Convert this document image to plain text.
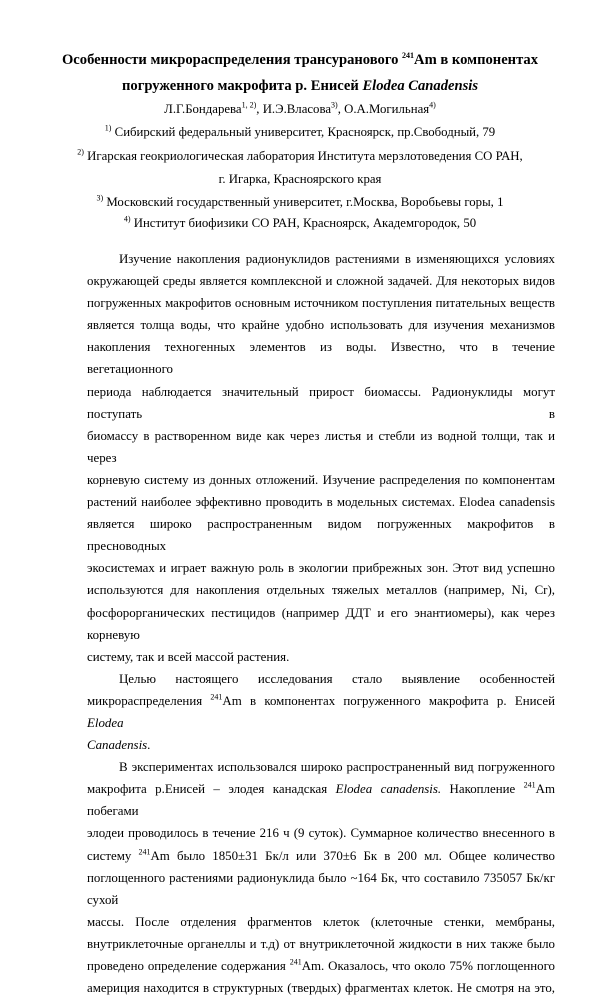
Особенности микрораспределения трансуранового $^{241}$Am в компонентах
погруженного макрофита р. Енисей Elodea Canadensis
Л.Г.Бондарева$^{1, 2)}$, И.Э.Власова$^{3)}$, О.А.Могильная$^{4)}$
$^{1)}$ Сибирский федеральный университет, Красноярск, пр.Свободный, 79
$^{2)}$ Игарская геокриологическая лаборатория Института мерзлотоведения СО РАН,
г. Игарка, Красноярского края
$^{3)}$ Московский государственный университет, г.Москва, Воробьевы горы, 1
$^{4)}$ Институт биофизики СО РАН, Красноярск, Академгородок, 50
Изучение накопления радионуклидов растениями в изменяющихся условиях
окружающей среды является комплексной и сложной задачей. Для некоторых видов
погруженных макрофитов основным источником поступления питательных веществ
является толща воды, что крайне удобно использовать для изучения механизмов
накопления техногенных элементов из воды. Известно, что в течение вегетационного
периода наблюдается значительный прирост биомассы. Радионуклиды могут поступать в
биомассу в растворенном виде как через листья и стебли из водной толщи, так и через
корневую систему из донных отложений. Изучение распределения по компонентам
растений наиболее эффективно проводить в модельных системах. Elodea canadensis
является широко распространенным видом погруженных макрофитов в пресноводных
экосистемах и играет важную роль в экологии прибрежных зон. Этот вид успешно
используются для накопления отдельных тяжелых металлов (например, Ni, Cr),
фосфорорганических пестицидов (например ДДТ и его энантиомеры), как через корневую
систему, так и всей массой растения.
Целью настоящего исследования стало выявление особенностей
микрораспределения $^{241}$Am в компонентах погруженного макрофита р. Енисей Elodea
Canadensis.
В экспериментах использовался широко распространенный вид погруженного
макрофита р.Енисей – элодея канадская Elodea canadensis. Накопление $^{241}$Am побегами
элодеи проводилось в течение 216 ч (9 суток). Суммарное количество внесенного в
систему $^{241}$Am было 1850±31 Бк/л или 370±6 Бк в 200 мл. Общее количество
поглощенного растениями радионуклида было ~164 Бк, что составило 735057 Бк/кг сухой
массы. После отделения фрагментов клеток (клеточные стенки, мембраны,
внутриклеточные органеллы и т.д) от внутриклеточной жидкости в них также было
проведено определение содержания $^{241}$Am. Оказалось, что около 75% поглощенного
америция находится в структурных (твердых) фрагментах клеток. Не смотря на это,
